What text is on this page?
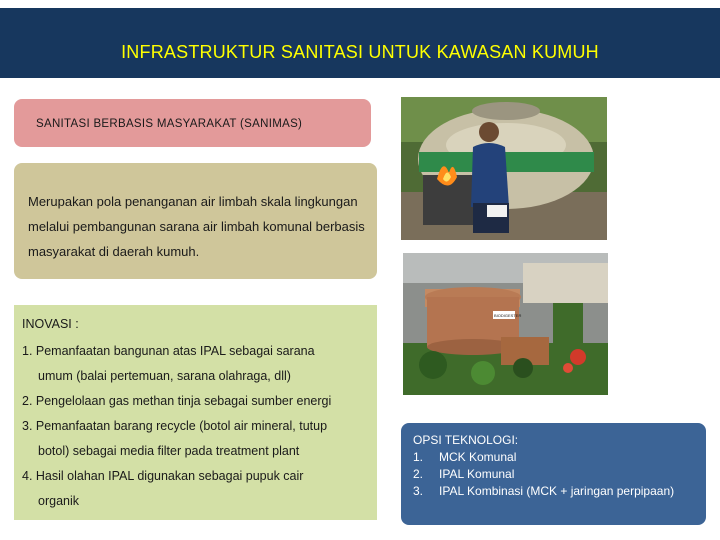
INFRASTRUKTUR SANITASI UNTUK KAWASAN KUMUH
SANITASI BERBASIS MASYARAKAT (SANIMAS)
Merupakan pola penanganan air limbah skala lingkungan melalui pembangunan sarana air limbah komunal berbasis masyarakat di daerah kumuh.
INOVASI :
1. Pemanfaatan bangunan atas IPAL sebagai sarana
umum (balai pertemuan, sarana olahraga, dll)
2. Pengelolaan gas methan tinja sebagai sumber energi
3. Pemanfaatan barang recycle (botol air mineral, tutup
botol) sebagai media filter pada treatment plant
4. Hasil olahan IPAL digunakan sebagai pupuk cair
organik
BIODIGESTER
OPSI TEKNOLOGI:
1.	MCK Komunal
2.	IPAL Komunal
3.	IPAL Kombinasi (MCK + jaringan perpipaan)
